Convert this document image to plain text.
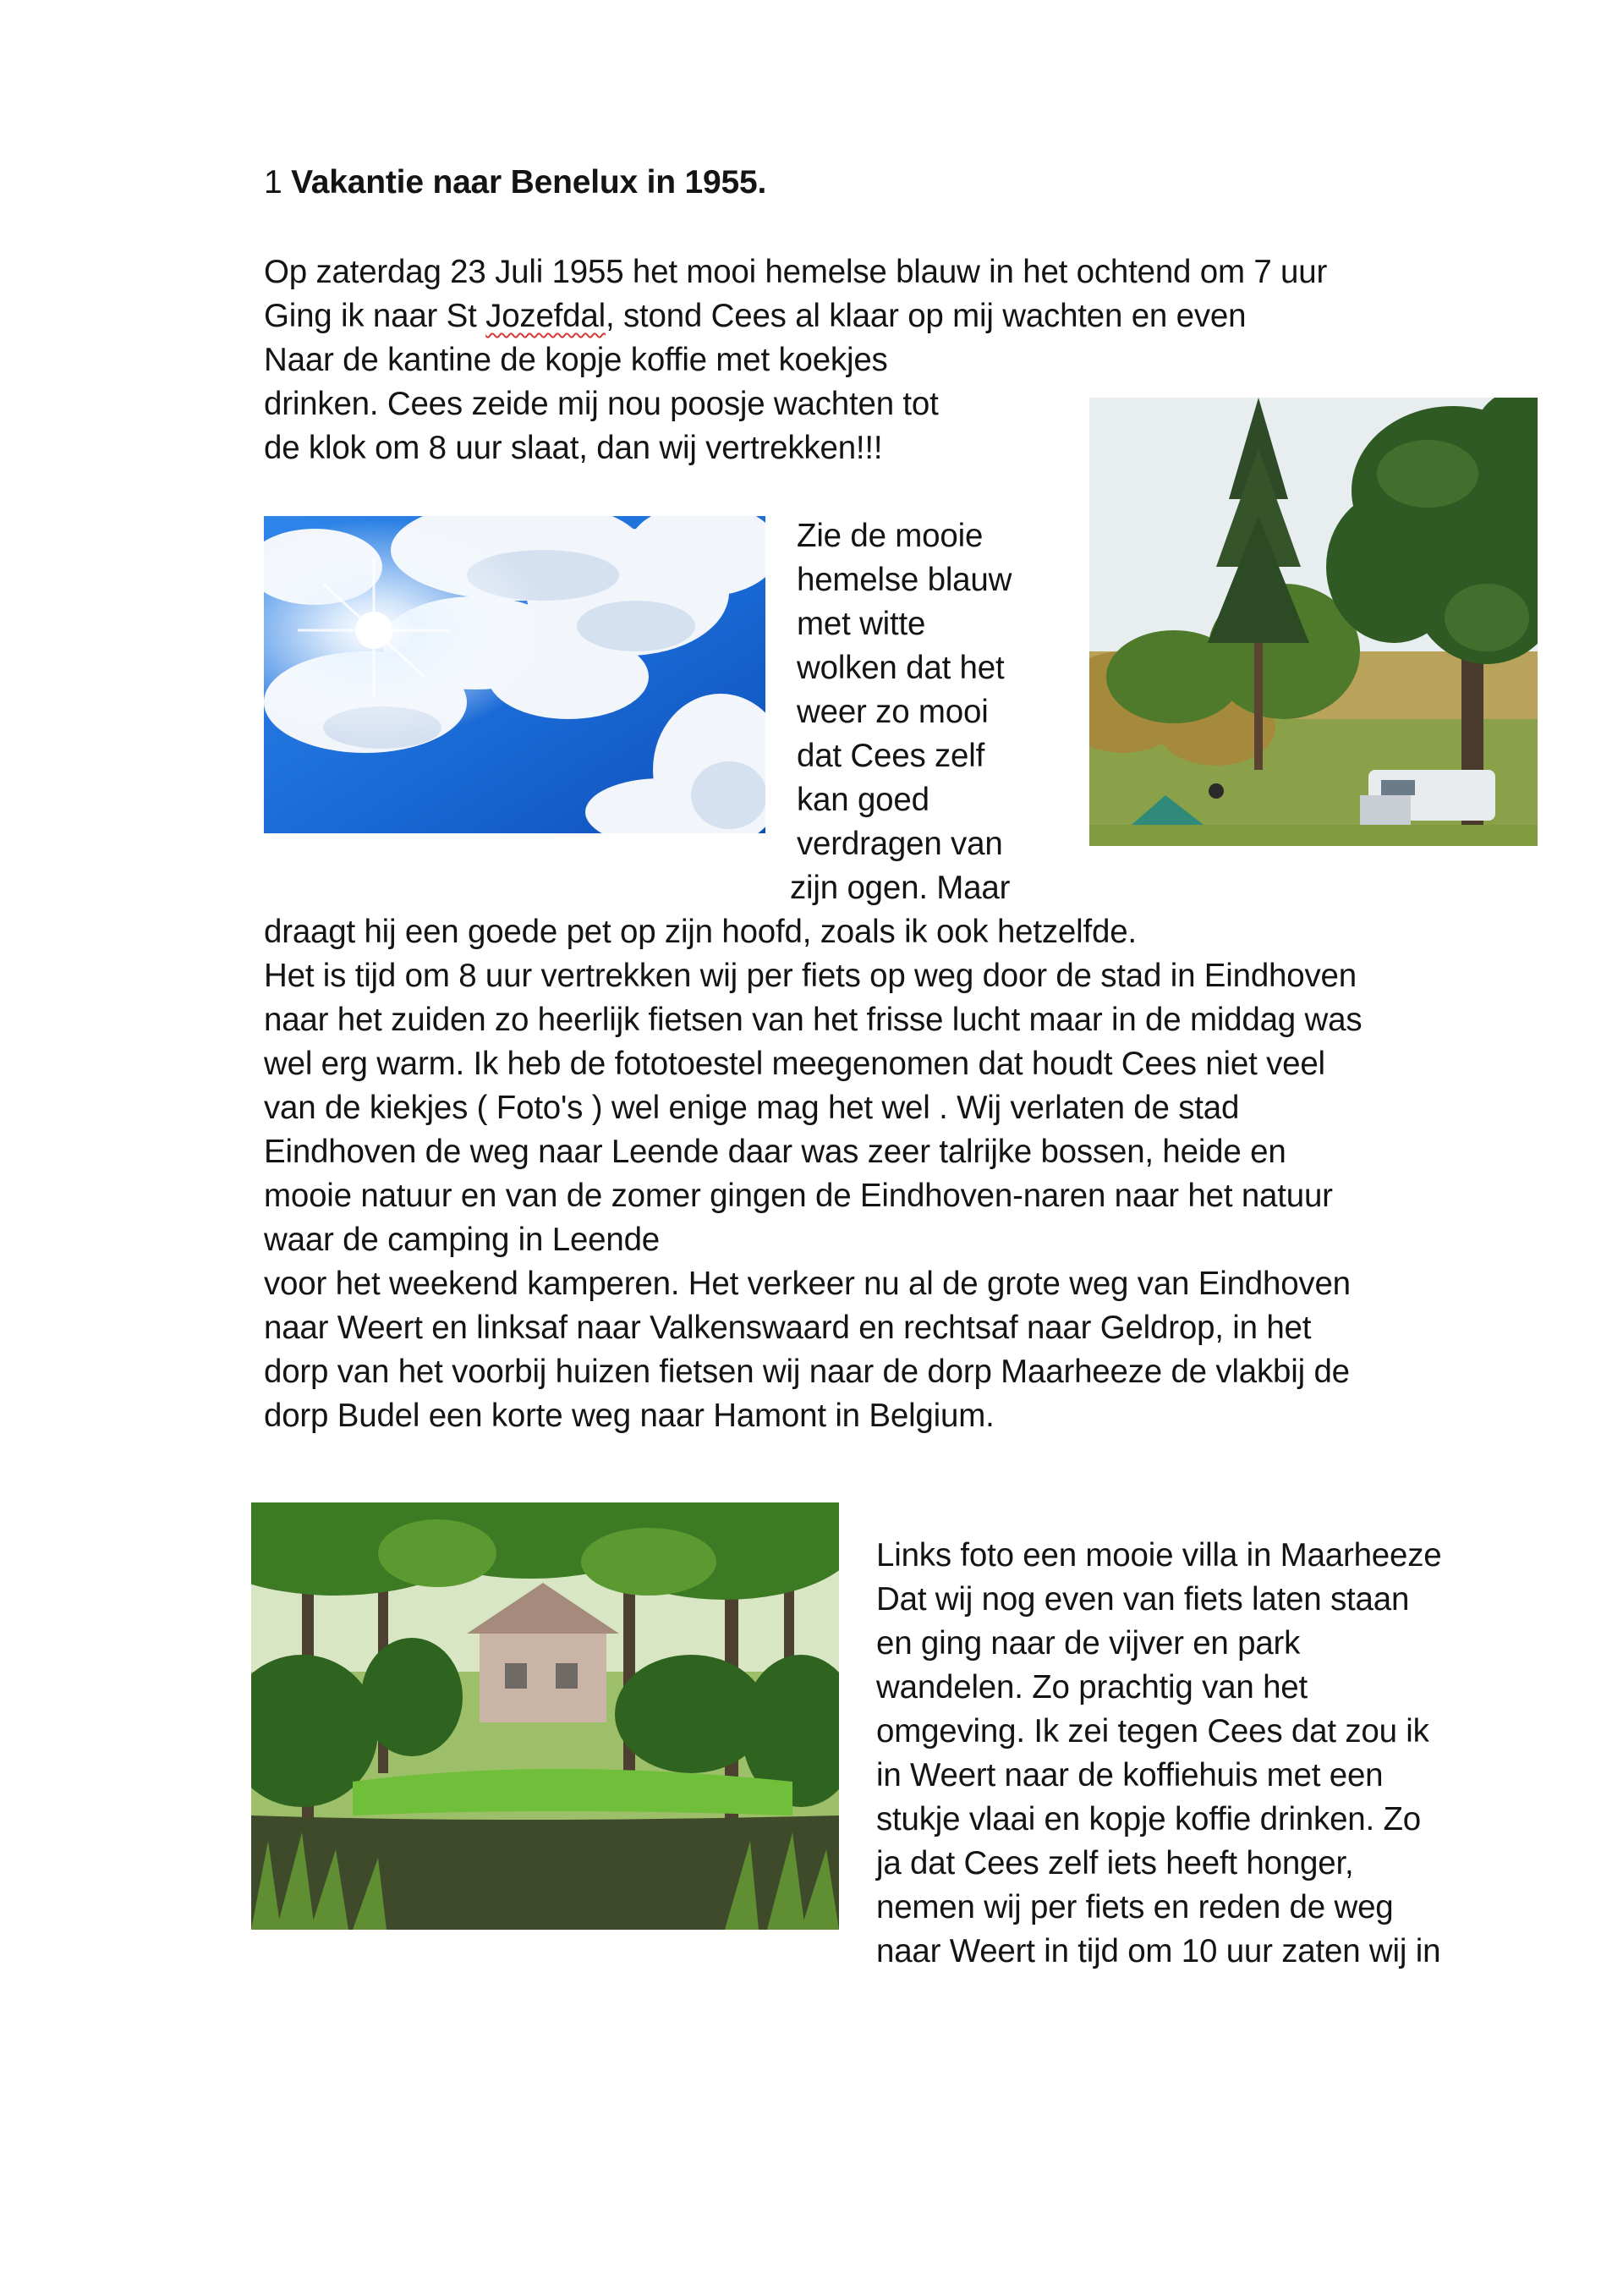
1 Vakantie naar Benelux in 1955.

Op zaterdag 23 Juli 1955 het mooi hemelse blauw in het ochtend om 7 uur

Ging ik naar St Jozefdal, stond Cees al klaar op mij wachten en even

Naar de kantine de kopje koffie met koekjes

drinken. Cees zeide mij nou poosje wachten tot

de klok om 8 uur slaat, dan wij vertrekken!!!

Zie de mooie

hemelse blauw

met witte

wolken dat het

weer zo mooi

dat Cees zelf

kan goed

verdragen van

zijn ogen. Maar

draagt hij een goede pet op zijn hoofd, zoals ik ook hetzelfde.

Het is tijd om 8 uur vertrekken wij per fiets op weg door de stad in Eindhoven

naar het zuiden zo heerlijk fietsen van het frisse lucht maar in de middag was

wel erg warm. Ik heb de fototoestel meegenomen dat houdt Cees niet veel

van de kiekjes ( Foto's ) wel enige mag het wel . Wij verlaten de stad

Eindhoven de weg naar Leende daar was zeer talrijke bossen, heide en

mooie natuur en van de zomer gingen de Eindhoven-naren naar het natuur

waar de camping in Leende

voor het weekend kamperen. Het verkeer nu al de grote weg van Eindhoven

naar Weert en linksaf naar Valkenswaard en rechtsaf naar Geldrop, in het

dorp van het voorbij huizen fietsen wij naar de dorp Maarheeze de vlakbij de

dorp Budel een korte weg naar Hamont in Belgium.

Links foto een mooie villa in Maarheeze

Dat wij nog even van fiets laten staan

en ging naar de vijver en park

wandelen. Zo prachtig van het

omgeving. Ik zei tegen Cees dat zou ik

in Weert naar de koffiehuis met een

stukje vlaai en kopje koffie drinken. Zo

ja dat Cees zelf iets heeft honger,

nemen wij per fiets en reden de weg

naar Weert in tijd om 10 uur zaten wij in
